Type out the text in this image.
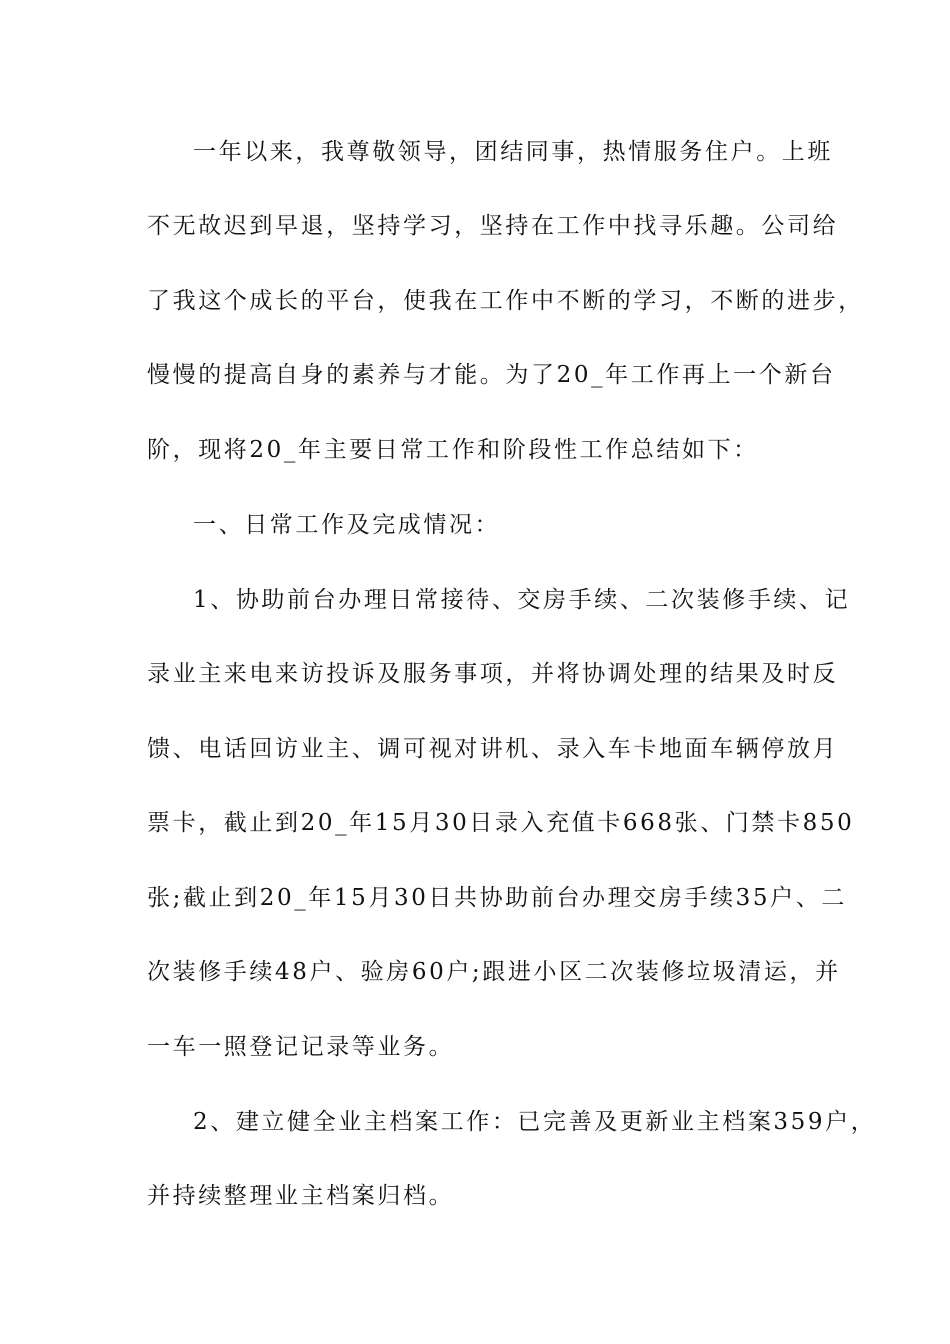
一年以来，我尊敬领导，团结同事，热情服务住户。上班
不无故迟到早退，坚持学习，坚持在工作中找寻乐趣。公司给
了我这个成长的平台，使我在工作中不断的学习，不断的进步，
慢慢的提高自身的素养与才能。为了20_年工作再上一个新台
阶，现将20_年主要日常工作和阶段性工作总结如下：
一、日常工作及完成情况：
1、协助前台办理日常接待、交房手续、二次装修手续、记
录业主来电来访投诉及服务事项，并将协调处理的结果及时反
馈、电话回访业主、调可视对讲机、录入车卡地面车辆停放月
票卡，截止到20_年15月30日录入充值卡668张、门禁卡850
张;截止到20_年15月30日共协助前台办理交房手续35户、二
次装修手续48户、验房60户;跟进小区二次装修垃圾清运，并
一车一照登记记录等业务。
2、建立健全业主档案工作：已完善及更新业主档案359户，
并持续整理业主档案归档。
